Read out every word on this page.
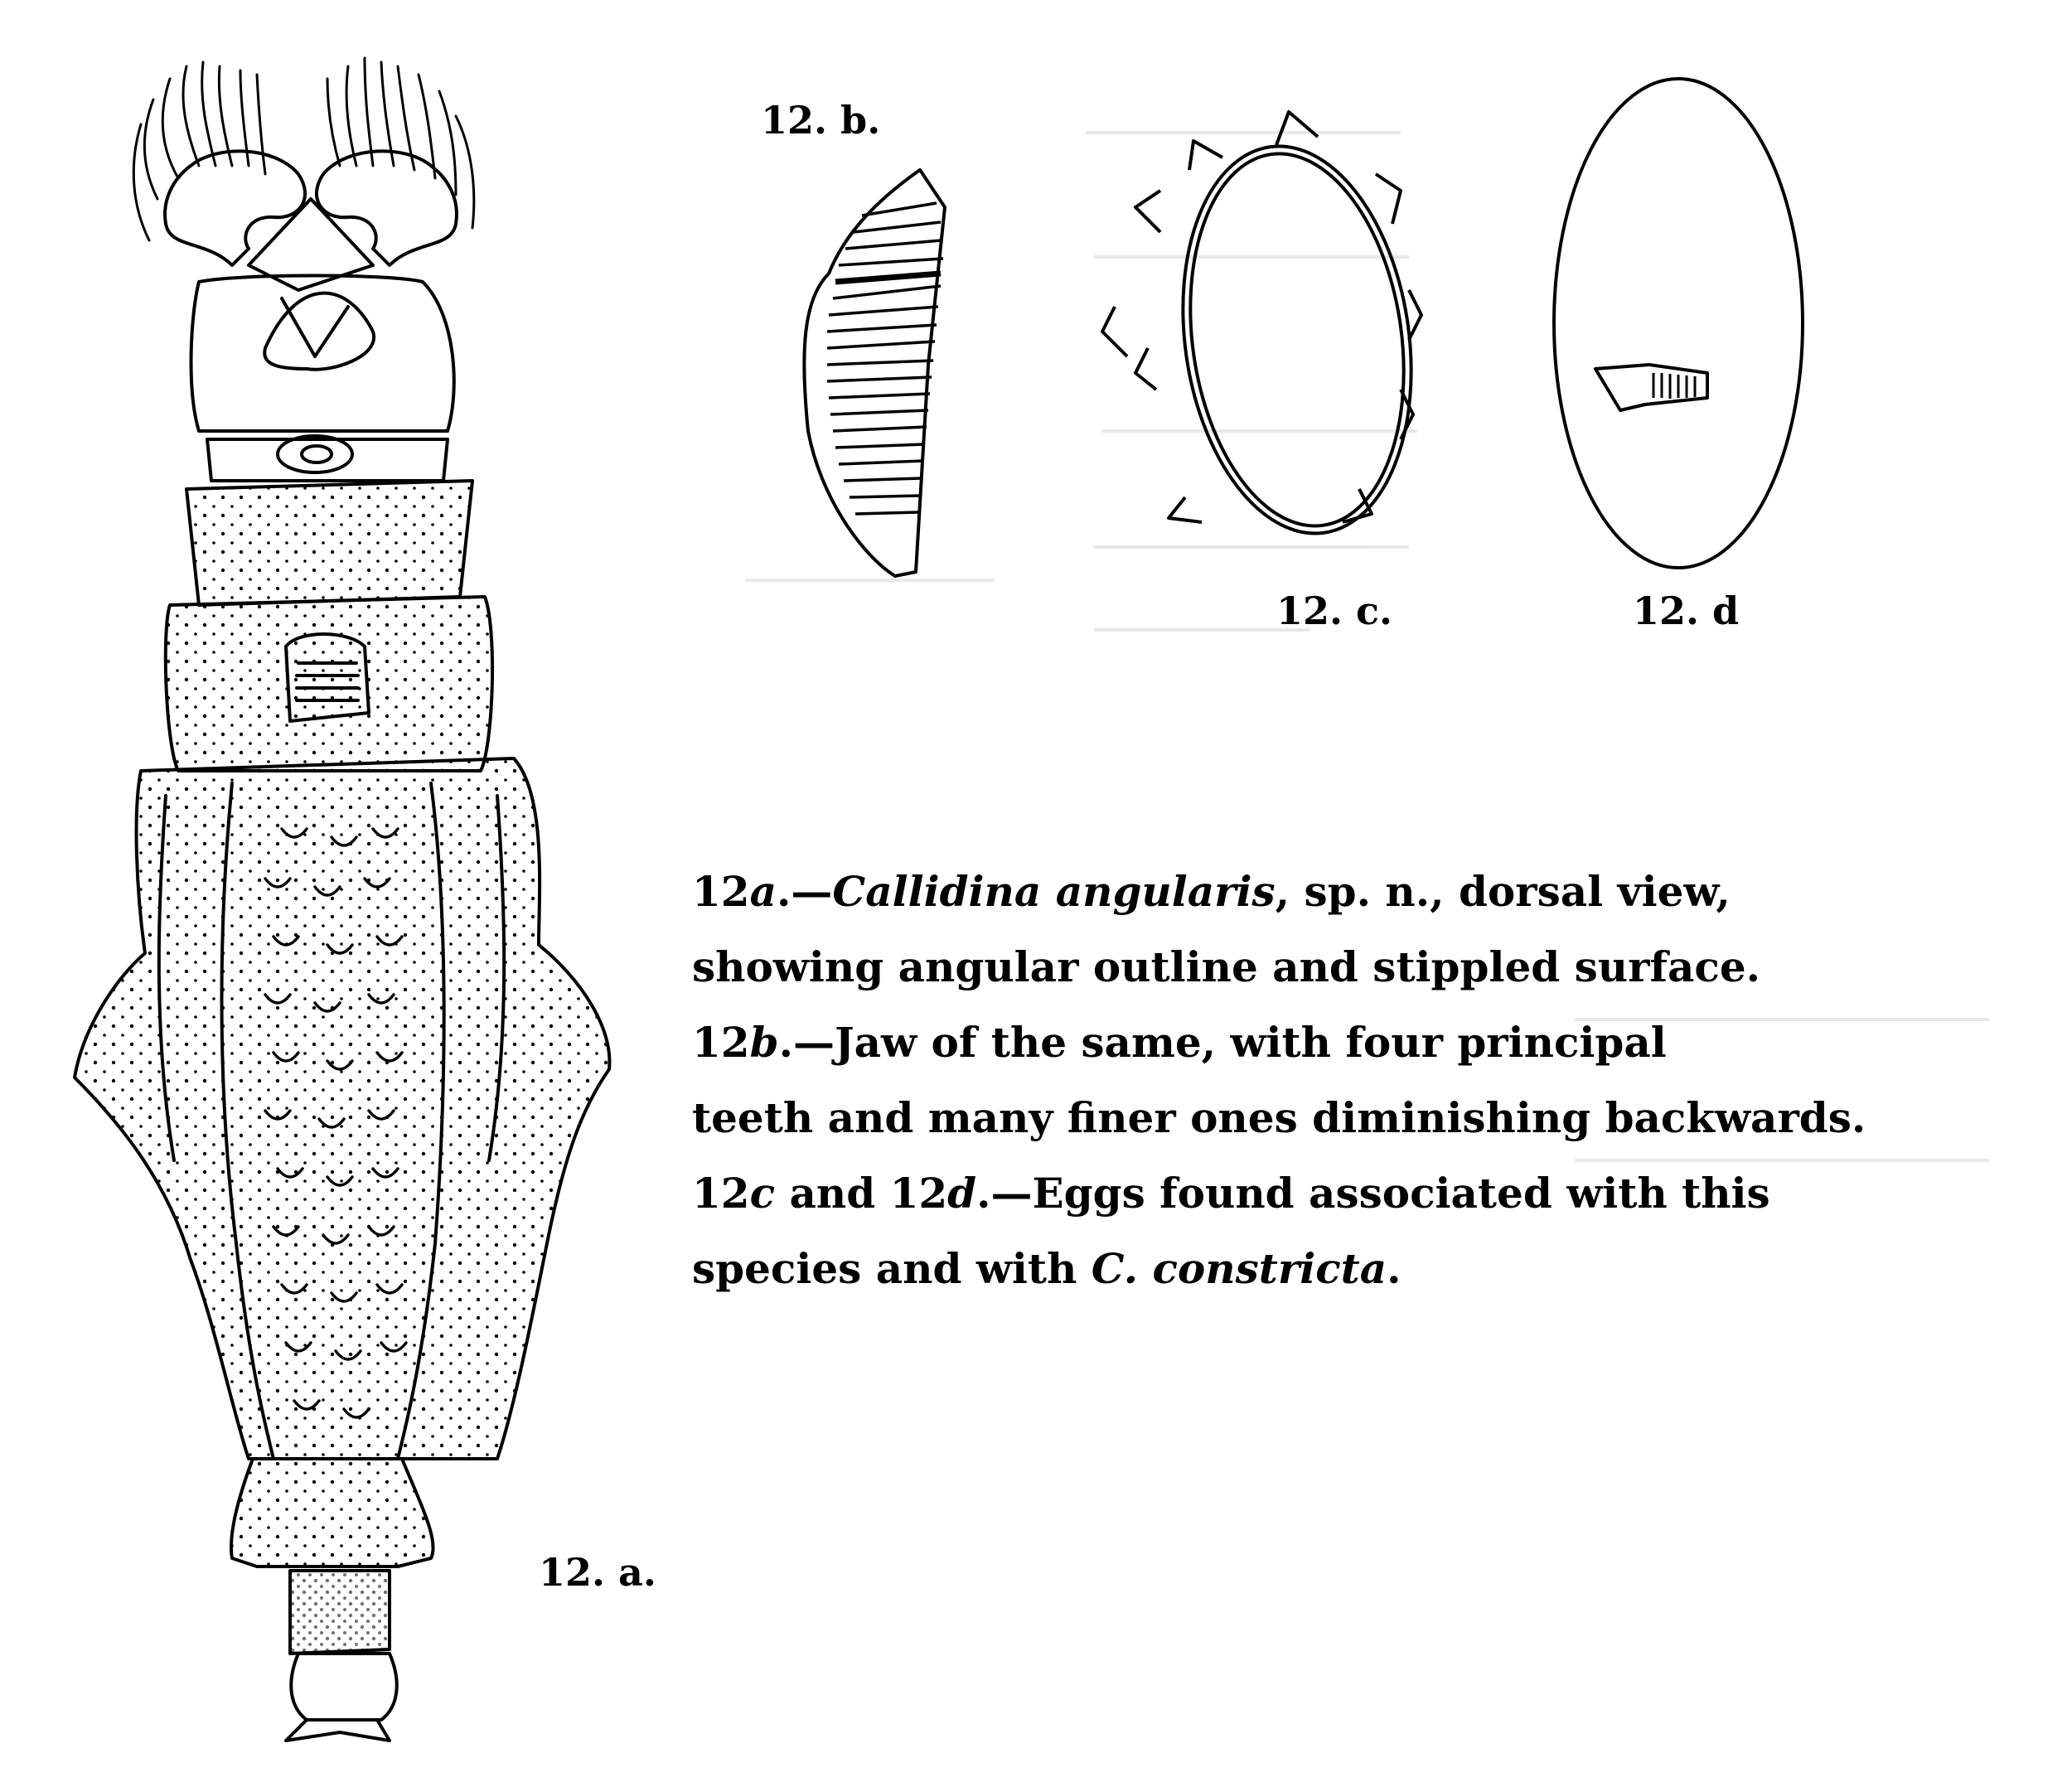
12. b.
12. c.	12. d
12. a.
12a.—Callidina angularis, sp. n., dorsal view,
showing angular outline and stippled surface.
12b.—Jaw of the same, with four principal
teeth and many finer ones diminishing backwards.
12c and 12d.—Eggs found associated with this
species and with C. constricta.
